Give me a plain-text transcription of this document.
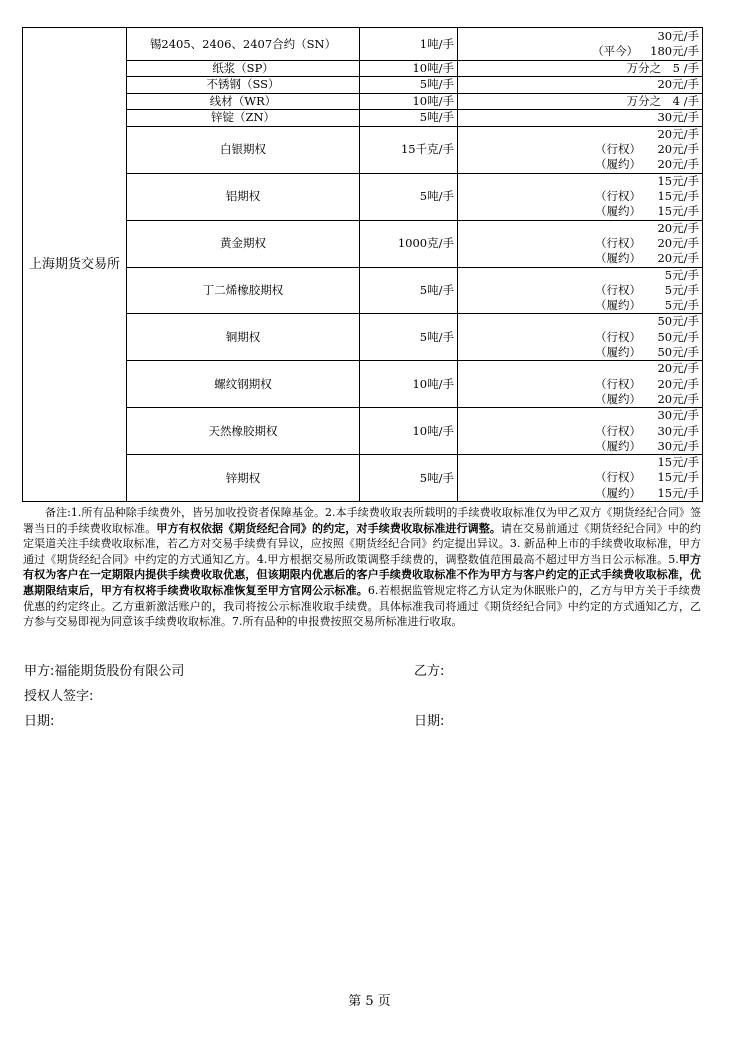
上海期货交易所	锡2405、2406、2407合约（SN）	1吨/手	30元/手
（平今） 180元/手

	纸浆（SP）	10吨/手	万分之　5 /手

	不锈钢（SS）	5吨/手	20元/手

	线材（WR）	10吨/手	万分之　4 /手

	锌锭（ZN）	5吨/手	30元/手

	白银期权	15千克/手	20元/手
（行权） 20元/手
（履约） 20元/手

	铝期权	5吨/手	15元/手
（行权） 15元/手
（履约） 15元/手

	黄金期权	1000克/手	20元/手
（行权） 20元/手
（履约） 20元/手

	丁二烯橡胶期权	5吨/手	5元/手
（行权） 5元/手
（履约） 5元/手

	铜期权	5吨/手	50元/手
（行权） 50元/手
（履约） 50元/手

	螺纹钢期权	10吨/手	20元/手
（行权） 20元/手
（履约） 20元/手

	天然橡胶期权	10吨/手	30元/手
（行权） 30元/手
（履约） 30元/手

	锌期权	5吨/手	15元/手
（行权） 15元/手
（履约） 15元/手

备注:1.所有品种除手续费外，皆另加收投资者保障基金。2.本手续费收取表所载明的手续费收取标准仅为甲乙双方《期货经纪合同》签署当日的手续费收取标准。甲方有权依据《期货经纪合同》的约定，对手续费收取标准进行调整。请在交易前通过《期货经纪合同》中的约定渠道关注手续费收取标准，若乙方对交易手续费有异议，应按照《期货经纪合同》约定提出异议。3. 新品种上市的手续费收取标准，甲方通过《期货经纪合同》中约定的方式通知乙方。4.甲方根据交易所政策调整手续费的，调整数值范围最高不超过甲方当日公示标准。5.甲方有权为客户在一定期限内提供手续费收取优惠，但该期限内优惠后的客户手续费收取标准不作为甲方与客户约定的正式手续费收取标准，优惠期限结束后，甲方有权将手续费收取标准恢复至甲方官网公示标准。6.若根据监管规定将乙方认定为休眠账户的，乙方与甲方关于手续费优惠的约定终止。乙方重新激活账户的，我司将按公示标准收取手续费。具体标准我司将通过《期货经纪合同》中约定的方式通知乙方，乙方参与交易即视为同意该手续费收取标准。7.所有品种的申报费按照交易所标准进行收取。

甲方:福能期货股份有限公司	乙方:
授权人签字:
日期:	日期:
第 5 页
